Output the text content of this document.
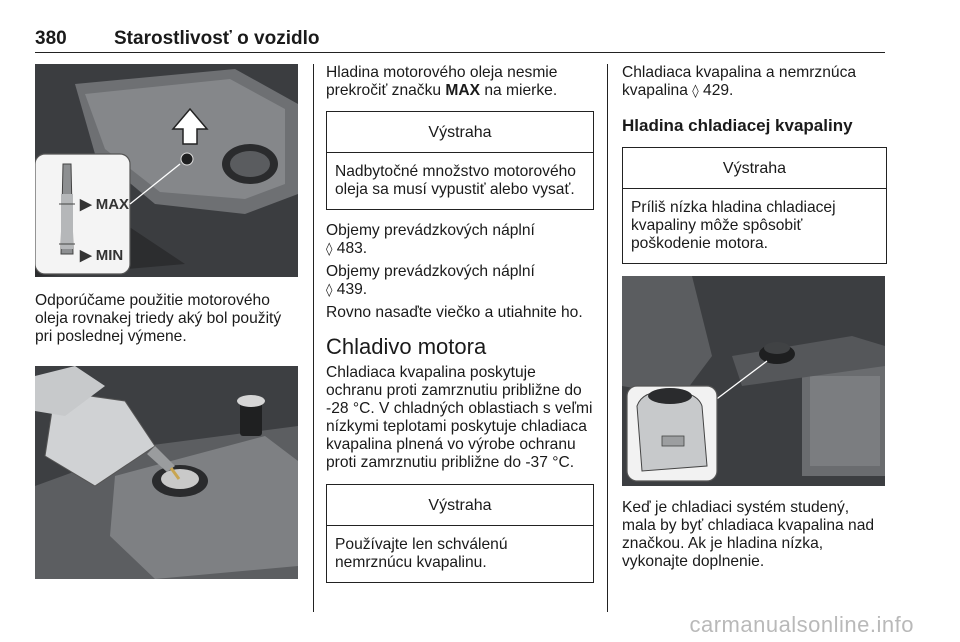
380 Starostlivosť o vozidlo
▶ MAX
▶ MIN

Odporúčame použitie motorového oleja rovnakej triedy aký bol použitý pri poslednej výmene.

Hladina motorového oleja nesmie prekročiť značku MAX na mierke.

Výstraha
Nadbytočné množstvo motorového oleja sa musí vypustiť alebo vysať.

Objemy prevádzkových náplní
◊ 483.

Objemy prevádzkových náplní
◊ 439.

Rovno nasaďte viečko a utiahnite ho.

Chladivo motora

Chladiaca kvapalina poskytuje ochranu proti zamrznutiu približne do -28 °C. V chladných oblastiach s veľmi nízkymi teplotami poskytuje chladiaca kvapalina plnená vo výrobe ochranu proti zamrznutiu približne do -37 °C.

Výstraha
Používajte len schválenú nemrznúcu kvapalinu.

Chladiaca kvapalina a nemrznúca kvapalina ◊ 429.

Hladina chladiacej kvapaliny
Výstraha
Príliš nízka hladina chladiacej kvapaliny môže spôsobiť poškodenie motora.

Keď je chladiaci systém studený, mala by byť chladiaca kvapalina nad značkou. Ak je hladina nízka, vykonajte doplnenie.

carmanualsonline.info
